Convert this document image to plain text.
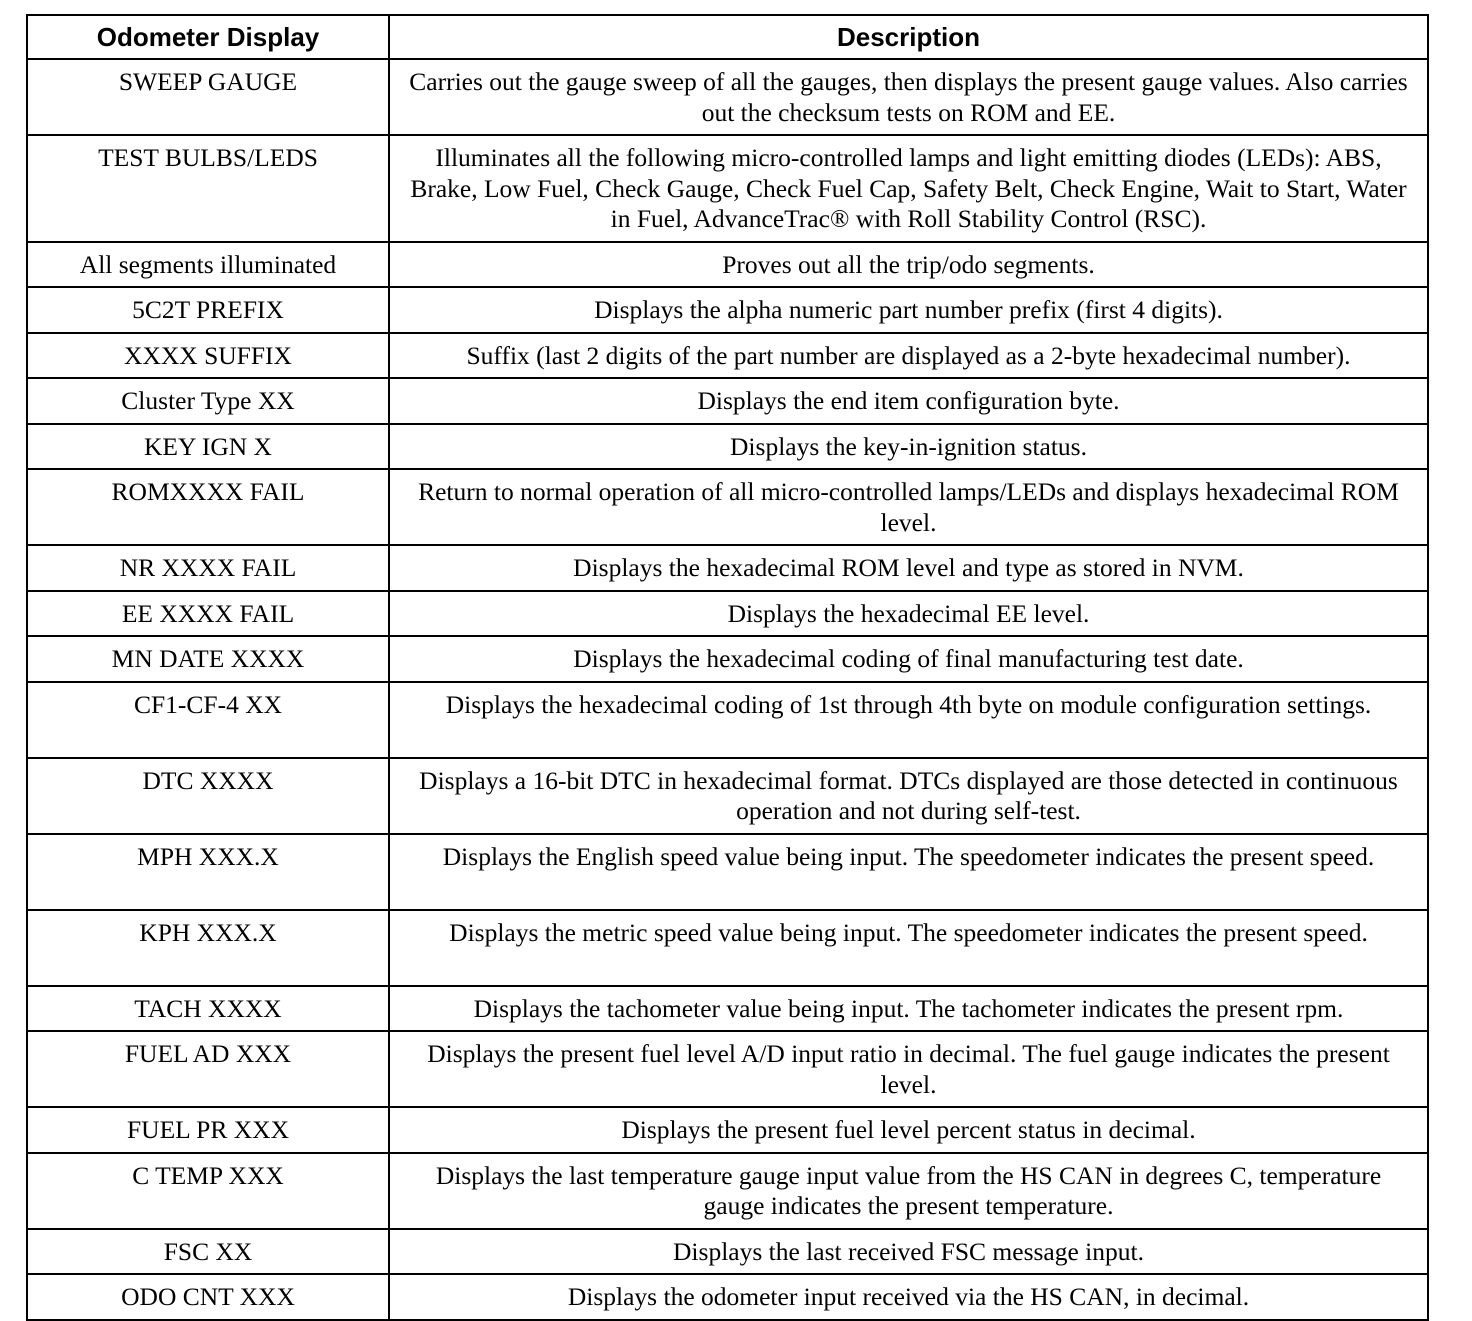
Odometer Display	Description
SWEEP GAUGE	Carries out the gauge sweep of all the gauges, then displays the present gauge values. Also carries out the checksum tests on ROM and EE.
TEST BULBS/LEDS	Illuminates all the following micro-controlled lamps and light emitting diodes (LEDs): ABS, Brake, Low Fuel, Check Gauge, Check Fuel Cap, Safety Belt, Check Engine, Wait to Start, Water in Fuel, AdvanceTrac® with Roll Stability Control (RSC).
All segments illuminated	Proves out all the trip/odo segments.
5C2T PREFIX	Displays the alpha numeric part number prefix (first 4 digits).
XXXX SUFFIX	Suffix (last 2 digits of the part number are displayed as a 2-byte hexadecimal number).
Cluster Type XX	Displays the end item configuration byte.
KEY IGN X	Displays the key-in-ignition status.
ROMXXXX FAIL	Return to normal operation of all micro-controlled lamps/LEDs and displays hexadecimal ROM level.
NR XXXX FAIL	Displays the hexadecimal ROM level and type as stored in NVM.
EE XXXX FAIL	Displays the hexadecimal EE level.
MN DATE XXXX	Displays the hexadecimal coding of final manufacturing test date.
CF1-CF-4 XX	Displays the hexadecimal coding of 1st through 4th byte on module configuration settings.
DTC XXXX	Displays a 16-bit DTC in hexadecimal format. DTCs displayed are those detected in continuous operation and not during self-test.
MPH XXX.X	Displays the English speed value being input. The speedometer indicates the present speed.
KPH XXX.X	Displays the metric speed value being input. The speedometer indicates the present speed.
TACH XXXX	Displays the tachometer value being input. The tachometer indicates the present rpm.
FUEL AD XXX	Displays the present fuel level A/D input ratio in decimal. The fuel gauge indicates the present level.
FUEL PR XXX	Displays the present fuel level percent status in decimal.
C TEMP XXX	Displays the last temperature gauge input value from the HS CAN in degrees C, temperature gauge indicates the present temperature.
FSC XX	Displays the last received FSC message input.
ODO CNT XXX	Displays the odometer input received via the HS CAN, in decimal.
